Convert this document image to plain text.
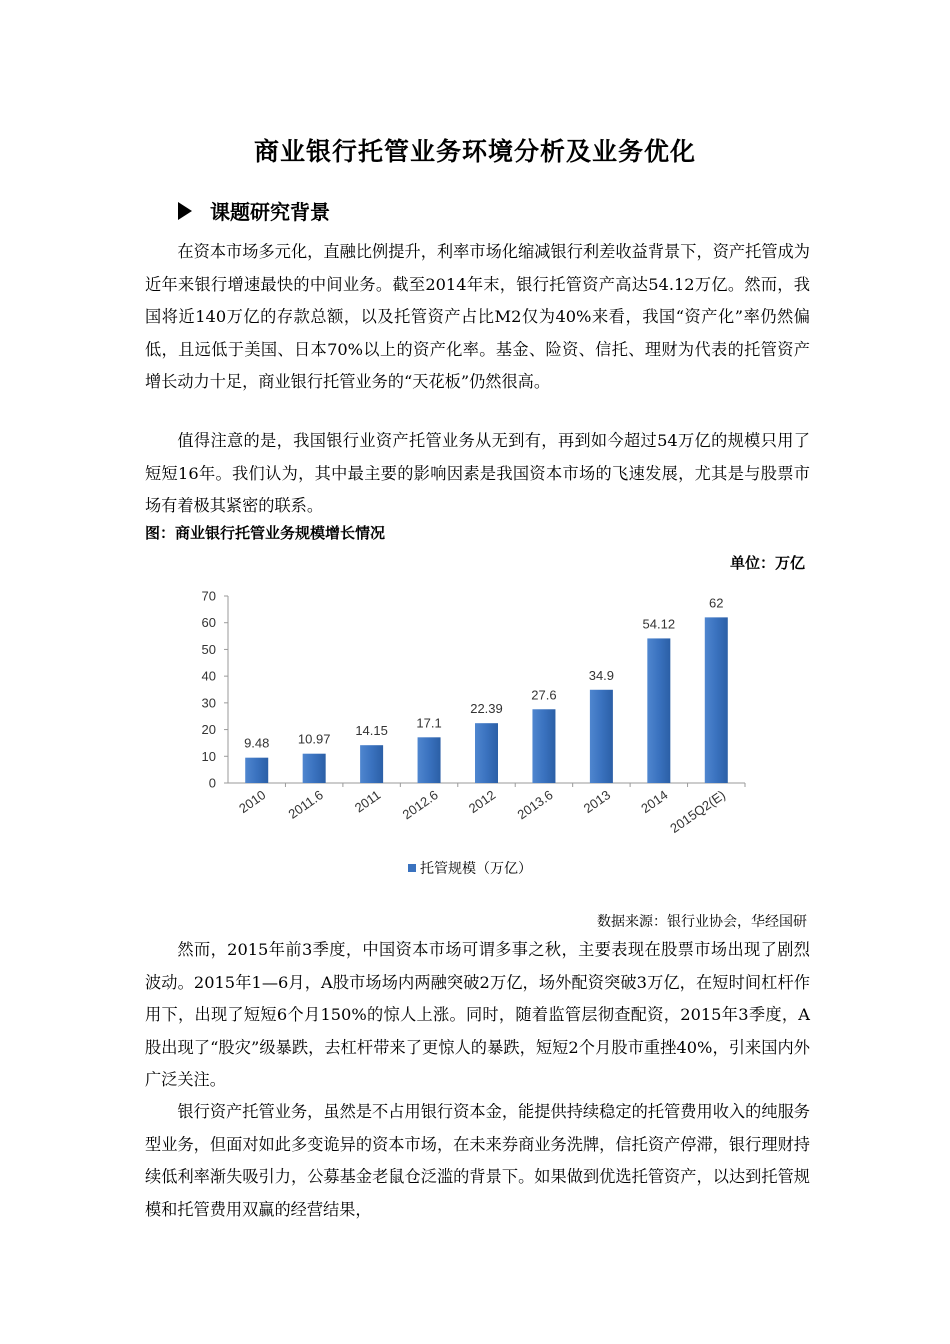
商业银行托管业务环境分析及业务优化
课题研究背景

在资本市场多元化，直融比例提升，利率市场化缩减银行利差收益背景下，资产托管成为近年来银行增速最快的中间业务。截至2014年末，银行托管资产高达54.12万亿。然而，我国将近140万亿的存款总额，以及托管资产占比M2仅为40%来看，我国“资产化”率仍然偏低，且远低于美国、日本70%以上的资产化率。基金、险资、信托、理财为代表的托管资产增长动力十足，商业银行托管业务的“天花板”仍然很高。

值得注意的是，我国银行业资产托管业务从无到有，再到如今超过54万亿的规模只用了短短16年。我们认为，其中最主要的影响因素是我国资本市场的飞速发展，尤其是与股票市场有着极其紧密的联系。

图：商业银行托管业务规模增长情况
单位：万亿
0
10
20
30
40
50
60
70
2010 2011.6 2011 2012.6 2012 2013.6 2013 2014
2015Q2(E)
9.48 10.97
14.15
17.1
22.39
27.6
34.9
54.12
62
托管规模（万亿）
数据来源：银行业协会，华经国研

然而，2015年前3季度，中国资本市场可谓多事之秋，主要表现在股票市场出现了剧烈波动。2015年1—6月，A股市场场内两融突破2万亿，场外配资突破3万亿，在短时间杠杆作用下，出现了短短6个月150%的惊人上涨。同时，随着监管层彻查配资，2015年3季度，A股出现了“股灾”级暴跌，去杠杆带来了更惊人的暴跌，短短2个月股市重挫40%，引来国内外广泛关注。

银行资产托管业务，虽然是不占用银行资本金，能提供持续稳定的托管费用收入的纯服务型业务，但面对如此多变诡异的资本市场，在未来券商业务洗牌，信托资产停滞，银行理财持续低利率渐失吸引力，公募基金老鼠仓泛滥的背景下。如果做到优选托管资产，以达到托管规模和托管费用双赢的经营结果，
